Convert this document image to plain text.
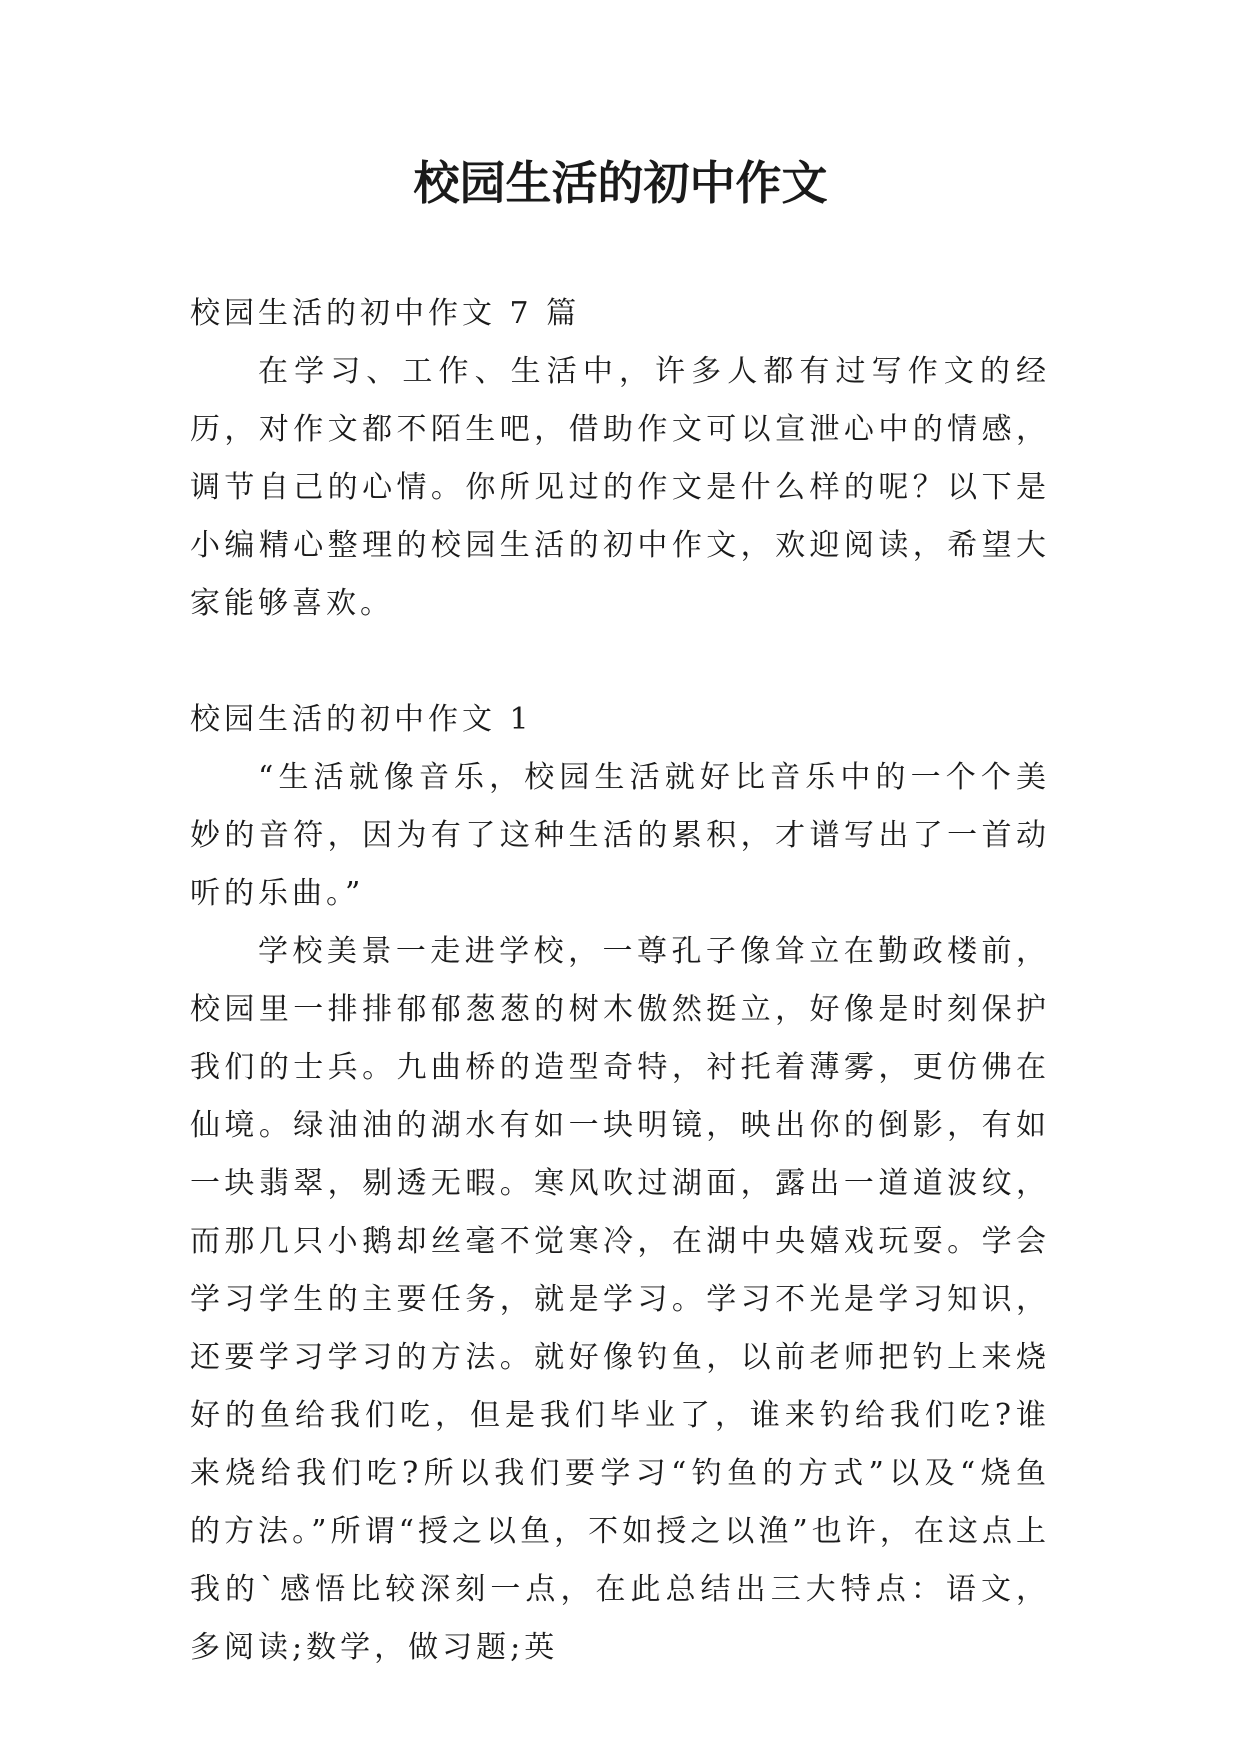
校园生活的初中作文

校园生活的初中作文 7 篇

在学习、工作、生活中，许多人都有过写作文的经历，对作文都不陌生吧，借助作文可以宣泄心中的情感，调节自己的心情。你所见过的作文是什么样的呢？以下是小编精心整理的校园生活的初中作文，欢迎阅读，希望大家能够喜欢。

校园生活的初中作文 1

“生活就像音乐，校园生活就好比音乐中的一个个美妙的音符，因为有了这种生活的累积，才谱写出了一首动听的乐曲。”

学校美景一走进学校，一尊孔子像耸立在勤政楼前，校园里一排排郁郁葱葱的树木傲然挺立，好像是时刻保护我们的士兵。九曲桥的造型奇特，衬托着薄雾，更仿佛在仙境。绿油油的湖水有如一块明镜，映出你的倒影，有如一块翡翠，剔透无暇。寒风吹过湖面，露出一道道波纹，而那几只小鹅却丝毫不觉寒冷，在湖中央嬉戏玩耍。学会学习学生的主要任务，就是学习。学习不光是学习知识，还要学习学习的方法。就好像钓鱼，以前老师把钓上来烧好的鱼给我们吃，但是我们毕业了，谁来钓给我们吃?谁来烧给我们吃?所以我们要学习“钓鱼的方式”以及“烧鱼的方法。”所谓“授之以鱼，不如授之以渔”也许，在这点上我的`感悟比较深刻一点，在此总结出三大特点：语文，多阅读;数学，做习题;英
